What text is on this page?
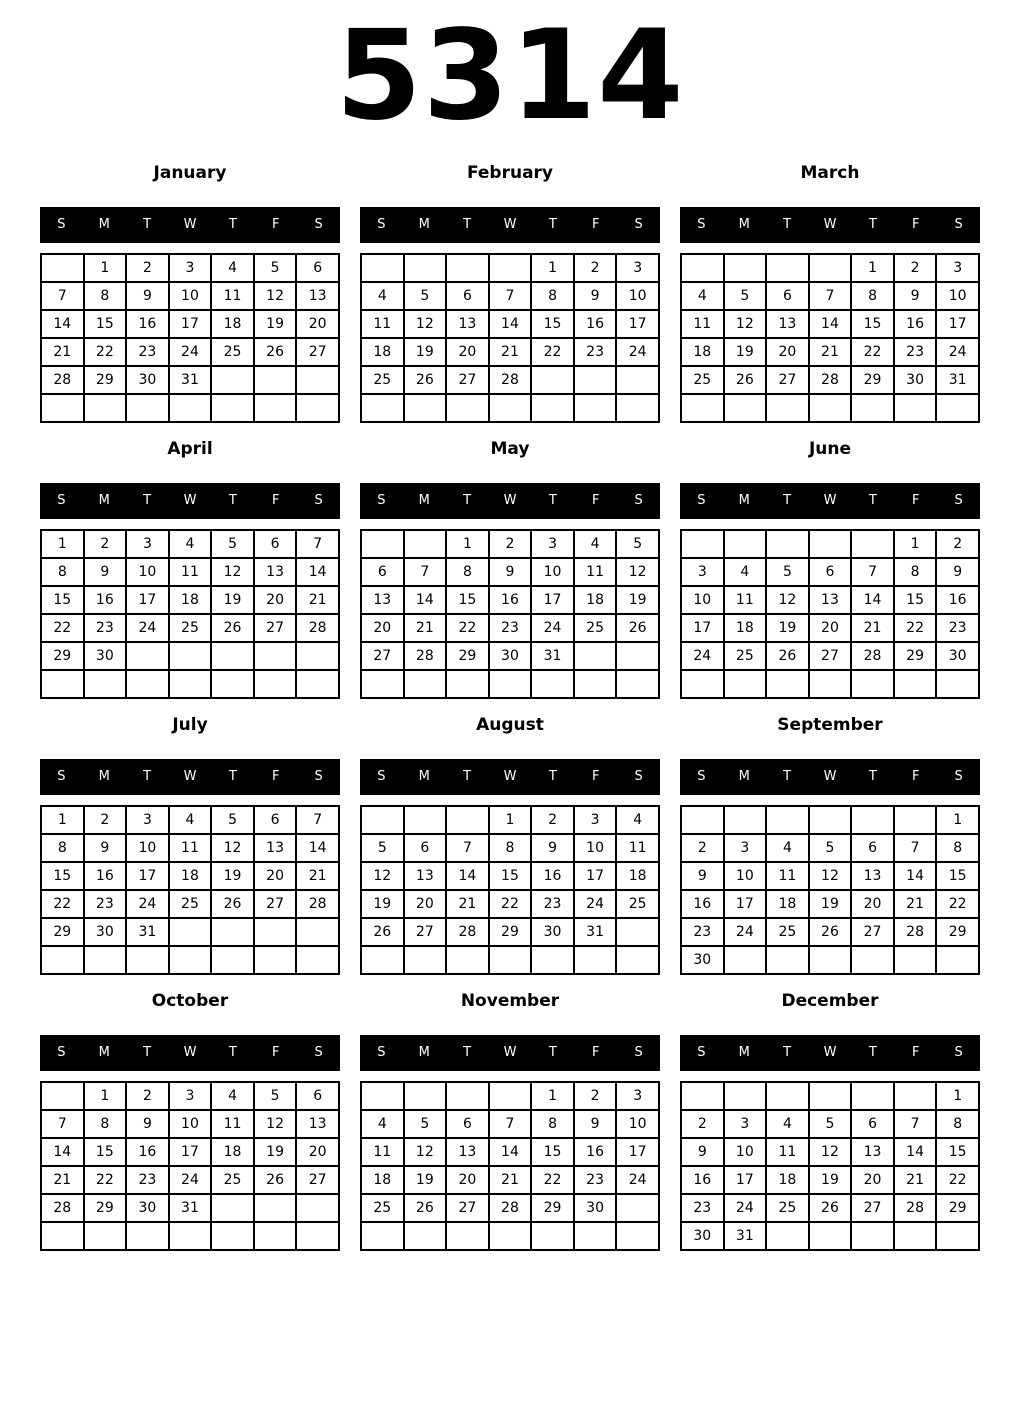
5314
January
S	M	T	W	T	F	S
	1	2	3	4	5	6
7	8	9	10	11	12	13
14	15	16	17	18	19	20
21	22	23	24	25	26	27
28	29	30	31			

February
S	M	T	W	T	F	S
				1	2	3
4	5	6	7	8	9	10
11	12	13	14	15	16	17
18	19	20	21	22	23	24
25	26	27	28			

March
S	M	T	W	T	F	S
				1	2	3
4	5	6	7	8	9	10
11	12	13	14	15	16	17
18	19	20	21	22	23	24
25	26	27	28	29	30	31

April
S	M	T	W	T	F	S
1	2	3	4	5	6	7
8	9	10	11	12	13	14
15	16	17	18	19	20	21
22	23	24	25	26	27	28
29	30					

May
S	M	T	W	T	F	S
		1	2	3	4	5
6	7	8	9	10	11	12
13	14	15	16	17	18	19
20	21	22	23	24	25	26
27	28	29	30	31		

June
S	M	T	W	T	F	S
					1	2
3	4	5	6	7	8	9
10	11	12	13	14	15	16
17	18	19	20	21	22	23
24	25	26	27	28	29	30

July
S	M	T	W	T	F	S
1	2	3	4	5	6	7
8	9	10	11	12	13	14
15	16	17	18	19	20	21
22	23	24	25	26	27	28
29	30	31				

August
S	M	T	W	T	F	S
			1	2	3	4
5	6	7	8	9	10	11
12	13	14	15	16	17	18
19	20	21	22	23	24	25
26	27	28	29	30	31	

September
S	M	T	W	T	F	S
						1
2	3	4	5	6	7	8
9	10	11	12	13	14	15
16	17	18	19	20	21	22
23	24	25	26	27	28	29
30						
October
S	M	T	W	T	F	S
	1	2	3	4	5	6
7	8	9	10	11	12	13
14	15	16	17	18	19	20
21	22	23	24	25	26	27
28	29	30	31			

November
S	M	T	W	T	F	S
				1	2	3
4	5	6	7	8	9	10
11	12	13	14	15	16	17
18	19	20	21	22	23	24
25	26	27	28	29	30	

December
S	M	T	W	T	F	S
						1
2	3	4	5	6	7	8
9	10	11	12	13	14	15
16	17	18	19	20	21	22
23	24	25	26	27	28	29
30	31					
